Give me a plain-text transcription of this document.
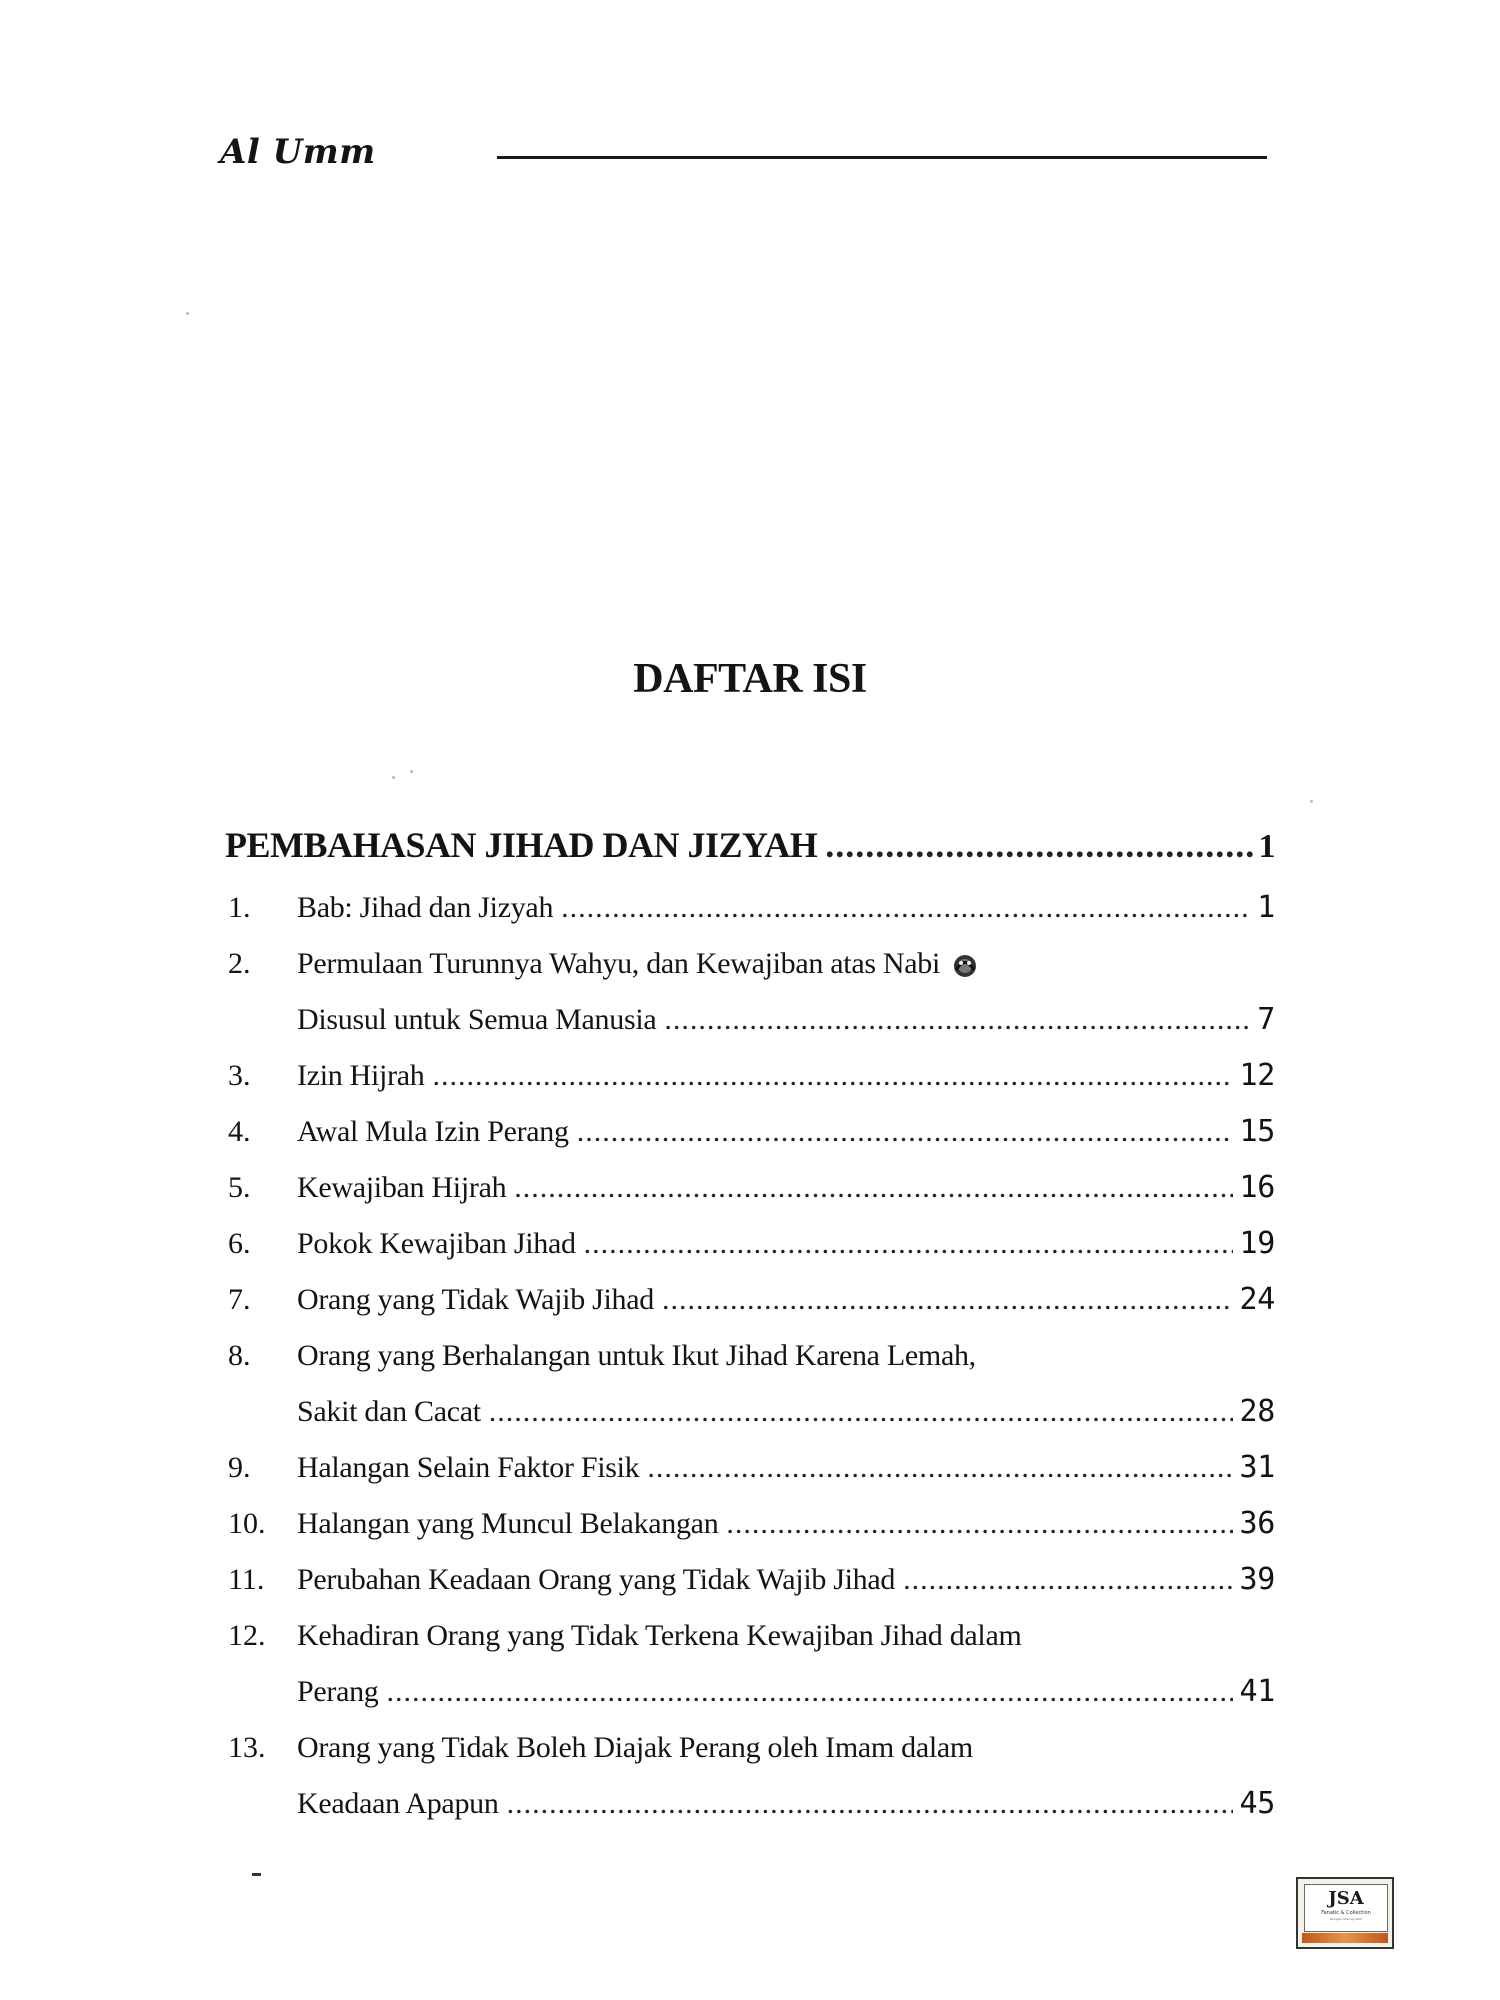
Al Umm
DAFTAR ISI
PEMBAHASAN JIHAD DAN JIZYAH .....	1
1. Bab: Jihad dan Jizyah .....	1
2. Permulaan Turunnya Wahyu, dan Kewajiban atas Nabi
Disusul untuk Semua Manusia .....	7
3. Izin Hijrah .....	12
4. Awal Mula Izin Perang .....	15
5. Kewajiban Hijrah .....	16
6. Pokok Kewajiban Jihad .....	19
7. Orang yang Tidak Wajib Jihad .....	24
8. Orang yang Berhalangan untuk Ikut Jihad Karena Lemah,
Sakit dan Cacat .....	28
9. Halangan Selain Faktor Fisik .....	31
10. Halangan yang Muncul Belakangan .....	36
11. Perubahan Keadaan Orang yang Tidak Wajib Jihad .....	39
12. Kehadiran Orang yang Tidak Terkena Kewajiban Jihad dalam
Perang .....	41
13. Orang yang Tidak Boleh Diajak Perang oleh Imam dalam
Keadaan Apapun .....	45
JSA
Fanatic & Collection
Jaringan Sharing Aktif
